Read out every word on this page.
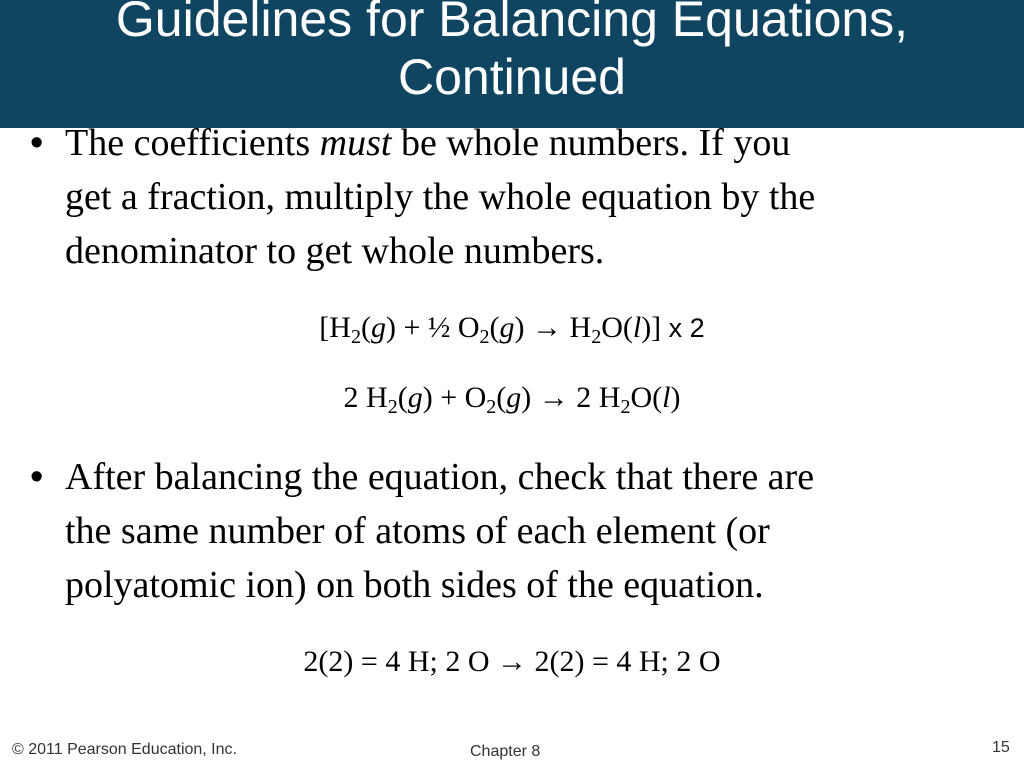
Guidelines for Balancing Equations,
Continued
• The coefficients must be whole numbers. If you
get a fraction, multiply the whole equation by the
denominator to get whole numbers.
[$H_2(g)$ + ½ $O_2(g) \to H_2O(l)$] x 2
2 $H_2(g) + O_2(g) \to 2$ $H_2O(l)$
• After balancing the equation, check that there are
the same number of atoms of each element (or
polyatomic ion) on both sides of the equation.
2(2) = 4 H; 2 O → 2(2) = 4 H; 2 O
© 2011 Pearson Education, Inc.	Chapter 8	15
